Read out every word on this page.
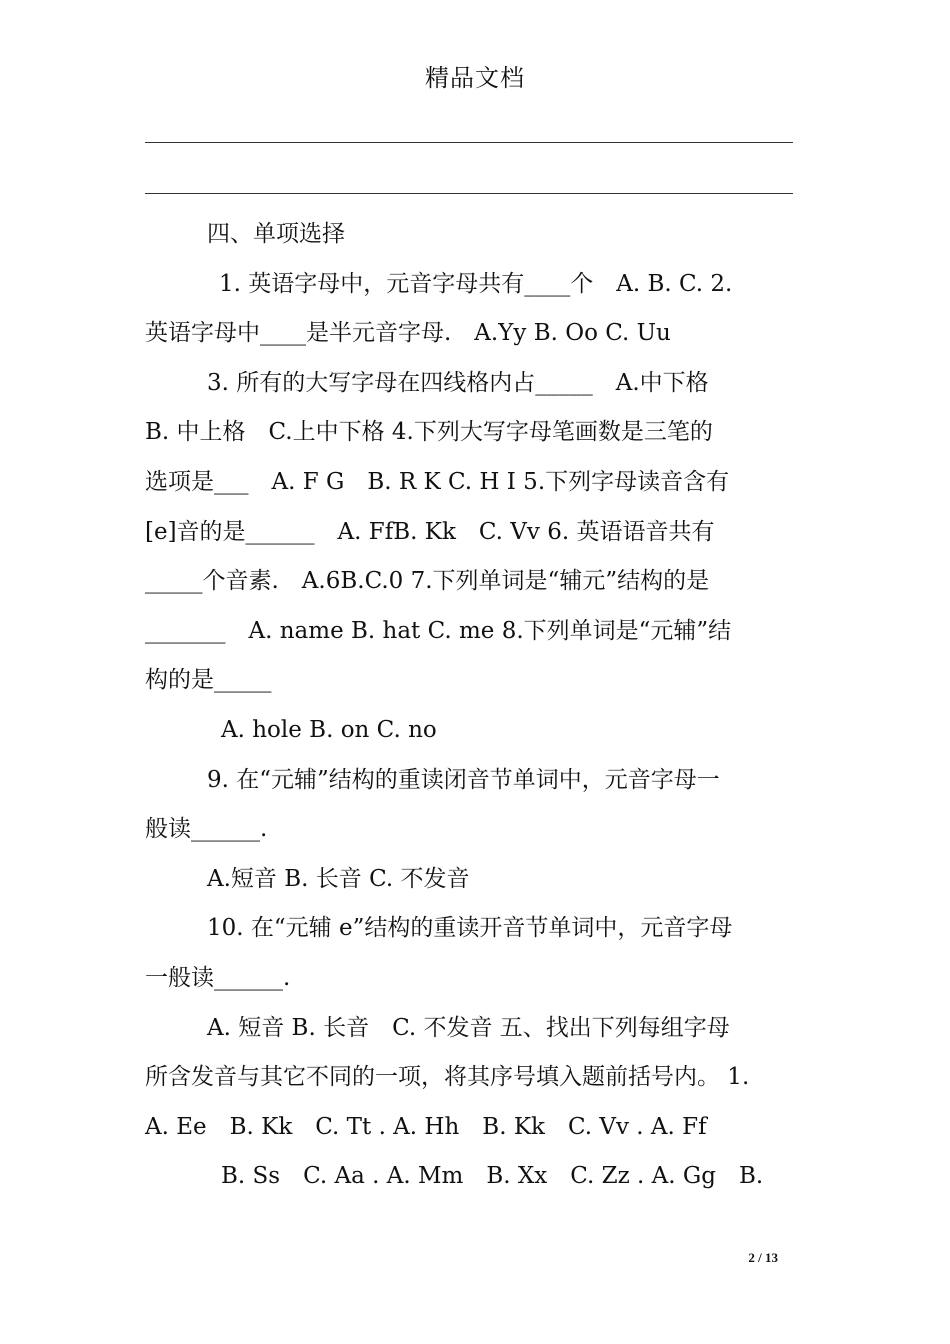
精品文档

四、单项选择

1. 英语字母中，元音字母共有____个　A. B. C. 2.

英语字母中____是半元音字母.　A.Yy B. Oo C. Uu

3. 所有的大写字母在四线格内占_____　A.中下格

B. 中上格　C.上中下格 4.下列大写字母笔画数是三笔的

选项是___　A. F G　B. R K C. H I 5.下列字母读音含有

[e]音的是______　A. FfB. Kk　C. Vv 6. 英语语音共有

_____个音素.　A.6B.C.0 7.下列单词是“辅元”结构的是

_______　A. name B. hat C. me 8.下列单词是“元辅”结

构的是_____

A. hole B. on C. no

9. 在“元辅”结构的重读闭音节单词中，元音字母一

般读______.

A.短音 B. 长音 C. 不发音

10. 在“元辅 e”结构的重读开音节单词中，元音字母

一般读______.

A. 短音 B. 长音　C. 不发音 五、找出下列每组字母

所含发音与其它不同的一项，将其序号填入题前括号内。 1.

A. Ee　B. Kk　C. Tt . A. Hh　B. Kk　C. Vv . A. Ff

B. Ss　C. Aa . A. Mm　B. Xx　C. Zz . A. Gg　B.

2 / 13
